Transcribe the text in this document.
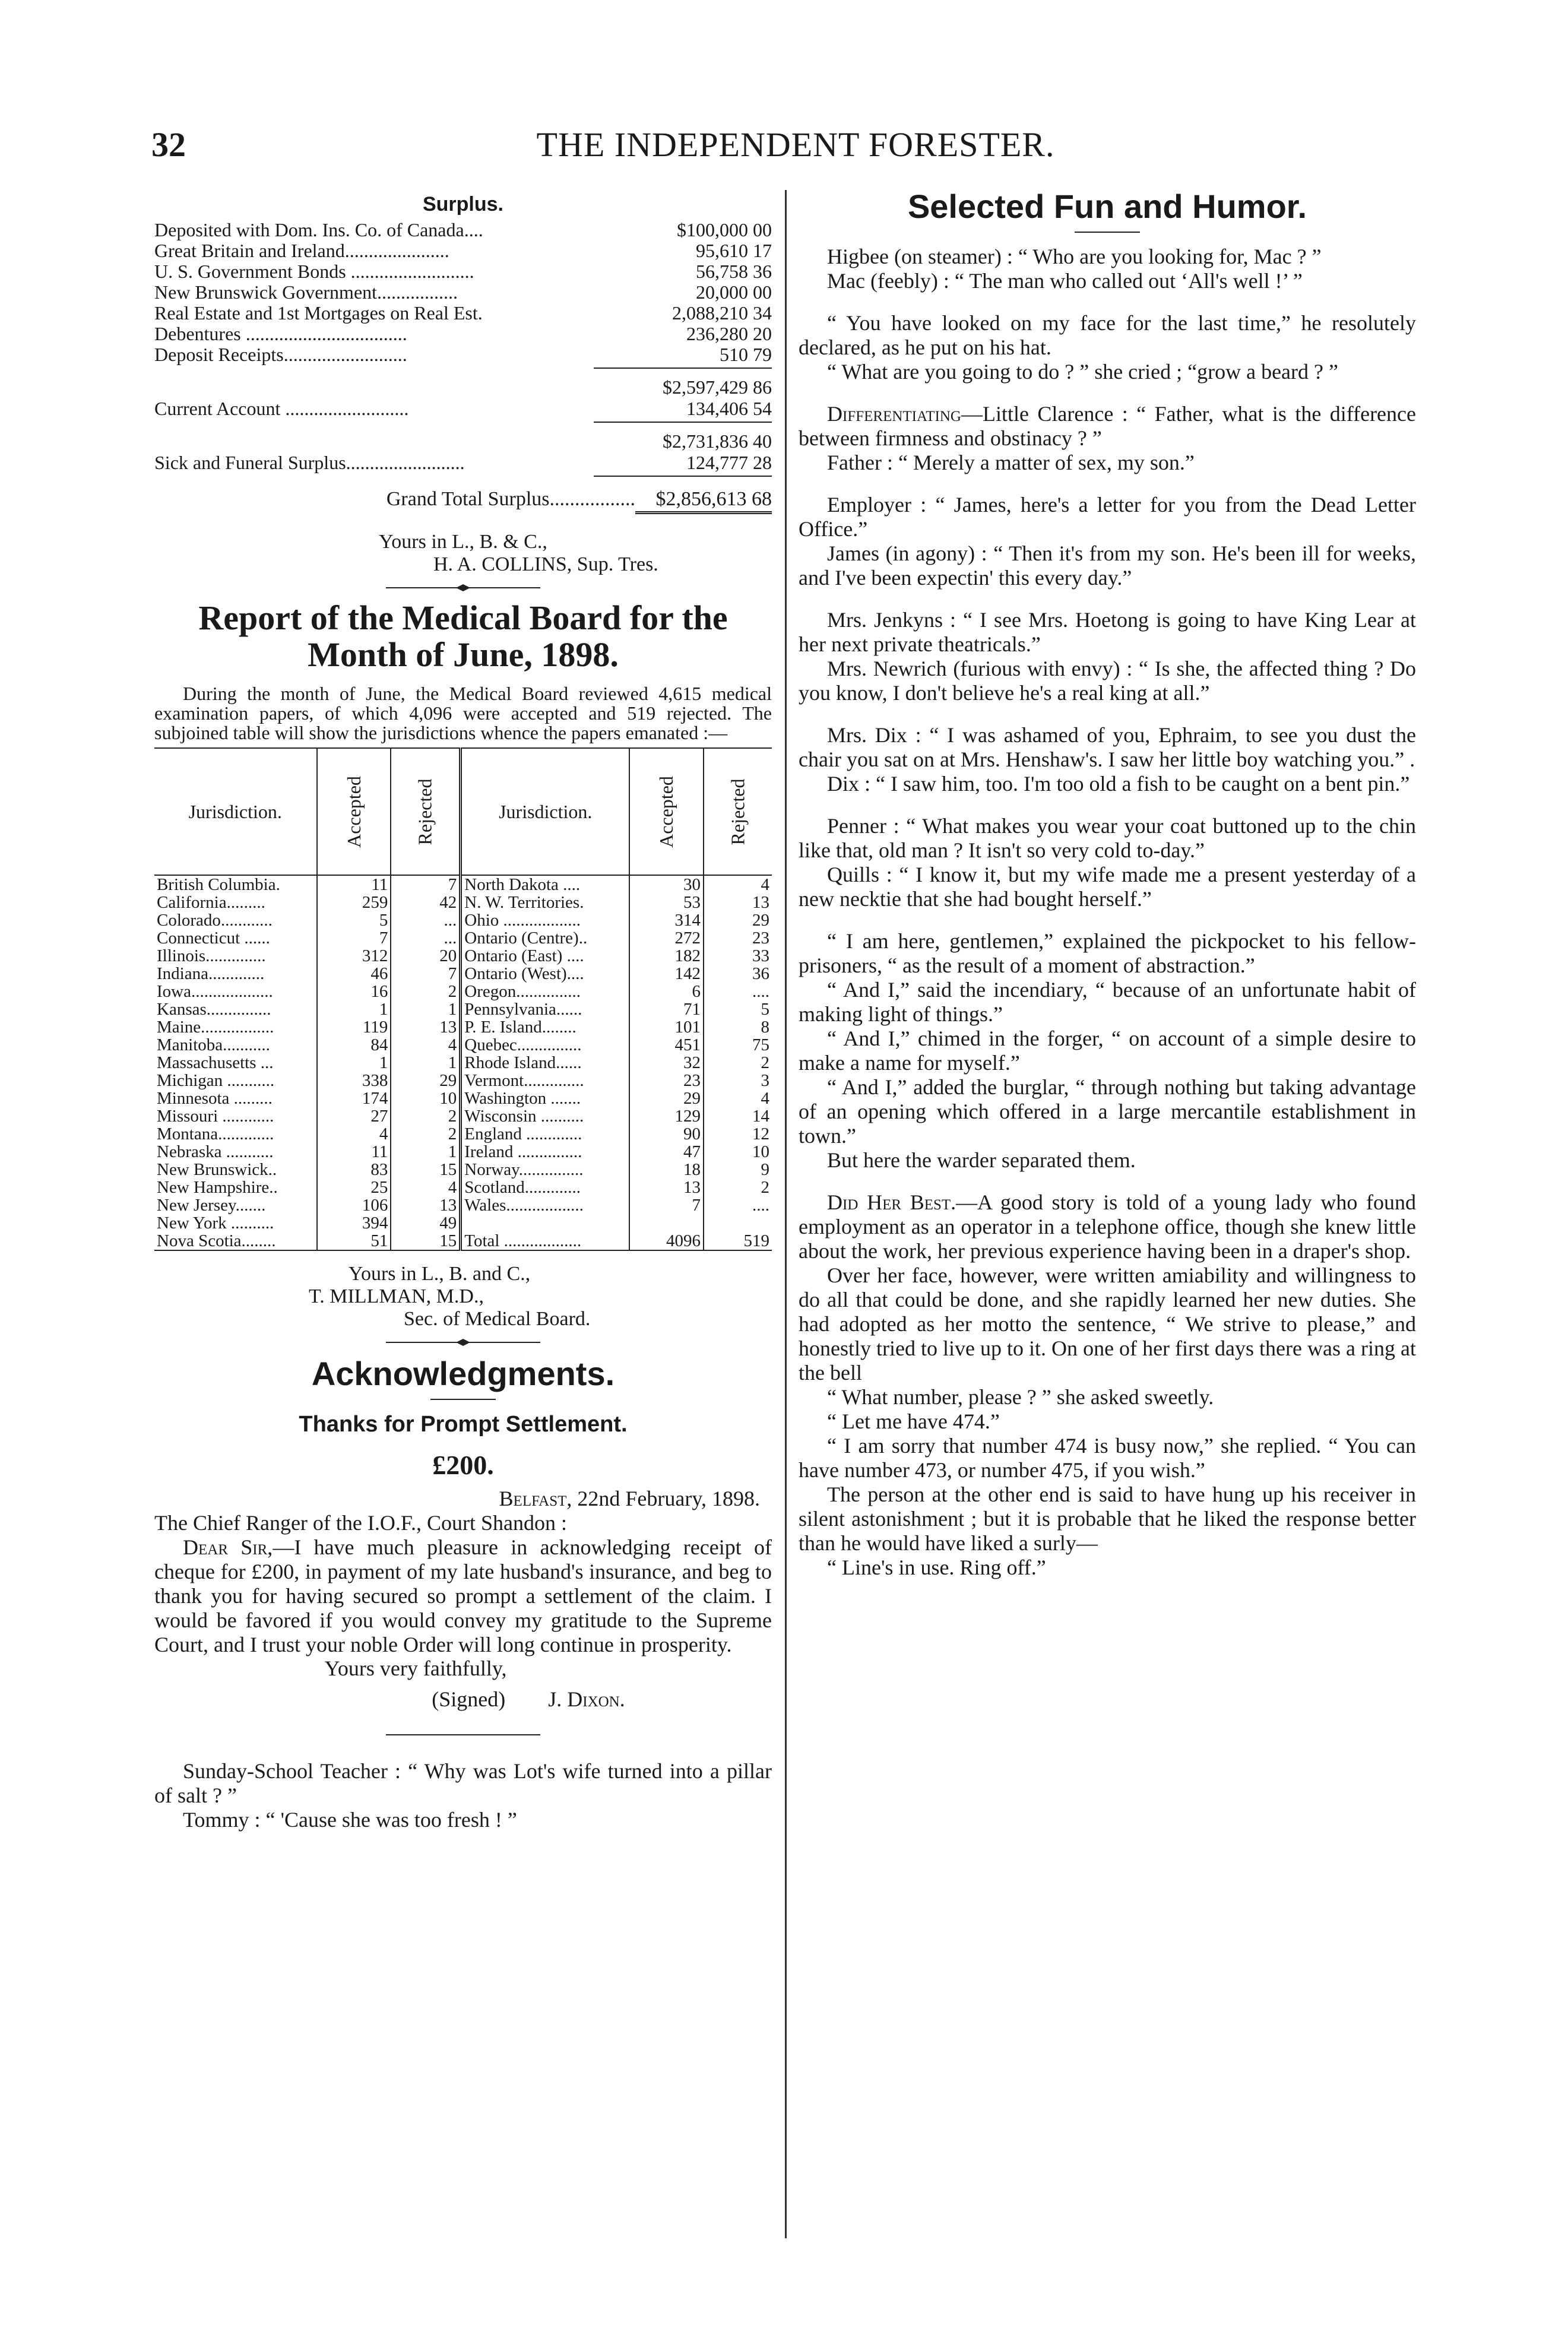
32	THE INDEPENDENT FORESTER.
Surplus.
Deposited with Dom. Ins. Co. of Canada....	$100,000 00
Great Britain and Ireland......................	95,610 17
U. S. Government Bonds ..........................	56,758 36
New Brunswick Government.................	20,000 00
Real Estate and 1st Mortgages on Real Est.	2,088,210 34
Debentures ..................................	236,280 20
Deposit Receipts..........................	510 79
$2,597,429 86
Current Account ..........................	134,406 54
$2,731,836 40
Sick and Funeral Surplus.........................	124,777 28
Grand Total Surplus.................	$2,856,613 68
Yours in L., B. & C.,
H. A. COLLINS, Sup. Tres.
Report of the Medical Board for the Month of June, 1898.

During the month of June, the Medical Board reviewed 4,615 medical examination papers, of which 4,096 were accepted and 519 rejected. The subjoined table will show the jurisdictions whence the papers emanated :—

Jurisdiction.	Accepted	Rejected	Jurisdiction.	Accepted	Rejected
British Columbia.	11	7	North Dakota ....	30	4
California.........	259	42	N. W. Territories.	53	13
Colorado............	5	...	Ohio ..................	314	29
Connecticut ......	7	...	Ontario (Centre)..	272	23
Illinois..............	312	20	Ontario (East) ....	182	33
Indiana.............	46	7	Ontario (West)....	142	36
Iowa...................	16	2	Oregon...............	6	....
Kansas...............	1	1	Pennsylvania......	71	5
Maine.................	119	13	P. E. Island........	101	8
Manitoba...........	84	4	Quebec...............	451	75
Massachusetts ...	1	1	Rhode Island......	32	2
Michigan ...........	338	29	Vermont..............	23	3
Minnesota .........	174	10	Washington .......	29	4
Missouri ............	27	2	Wisconsin ..........	129	14
Montana.............	4	2	England .............	90	12
Nebraska ...........	11	1	Ireland ...............	47	10
New Brunswick..	83	15	Norway...............	18	9
New Hampshire..	25	4	Scotland.............	13	2
New Jersey.......	106	13	Wales..................	7	....
New York ..........	394	49			
Nova Scotia........	51	15	Total ..................	4096	519
Yours in L., B. and C.,
T. MILLMAN, M.D.,
Sec. of Medical Board.
Acknowledgments.
Thanks for Prompt Settlement.
£200.

Belfast, 22nd February, 1898.

The Chief Ranger of the I.O.F., Court Shandon :

Dear Sir,—I have much pleasure in acknowledging receipt of cheque for £200, in payment of my late husband's insurance, and beg to thank you for having secured so prompt a settlement of the claim. I would be favored if you would convey my gratitude to the Supreme Court, and I trust your noble Order will long continue in prosperity.

Yours very faithfully,
(Signed) J. Dixon.

Sunday-School Teacher : “ Why was Lot's wife turned into a pillar of salt ? ”

Tommy : “ 'Cause she was too fresh ! ”

Selected Fun and Humor.

Higbee (on steamer) : “ Who are you looking for, Mac ? ”

Mac (feebly) : “ The man who called out ‘All's well !’ ”

“ You have looked on my face for the last time,” he resolutely declared, as he put on his hat.

“ What are you going to do ? ” she cried ; “grow a beard ? ”

Differentiating—Little Clarence : “ Father, what is the difference between firmness and obstinacy ? ”

Father : “ Merely a matter of sex, my son.”

Employer : “ James, here's a letter for you from the Dead Letter Office.”

James (in agony) : “ Then it's from my son. He's been ill for weeks, and I've been expectin' this every day.”

Mrs. Jenkyns : “ I see Mrs. Hoetong is going to have King Lear at her next private theatricals.”

Mrs. Newrich (furious with envy) : “ Is she, the affected thing ? Do you know, I don't believe he's a real king at all.”

Mrs. Dix : “ I was ashamed of you, Ephraim, to see you dust the chair you sat on at Mrs. Henshaw's. I saw her little boy watching you.” .

Dix : “ I saw him, too. I'm too old a fish to be caught on a bent pin.”

Penner : “ What makes you wear your coat buttoned up to the chin like that, old man ? It isn't so very cold to-day.”

Quills : “ I know it, but my wife made me a present yesterday of a new necktie that she had bought herself.”

“ I am here, gentlemen,” explained the pickpocket to his fellow-prisoners, “ as the result of a moment of abstraction.”

“ And I,” said the incendiary, “ because of an unfortunate habit of making light of things.”

“ And I,” chimed in the forger, “ on account of a simple desire to make a name for myself.”

“ And I,” added the burglar, “ through nothing but taking advantage of an opening which offered in a large mercantile establishment in town.”

But here the warder separated them.

Did Her Best.—A good story is told of a young lady who found employment as an operator in a telephone office, though she knew little about the work, her previous experience having been in a draper's shop.

Over her face, however, were written amiability and willingness to do all that could be done, and she rapidly learned her new duties. She had adopted as her motto the sentence, “ We strive to please,” and honestly tried to live up to it. On one of her first days there was a ring at the bell

“ What number, please ? ” she asked sweetly.

“ Let me have 474.”

“ I am sorry that number 474 is busy now,” she replied. “ You can have number 473, or number 475, if you wish.”

The person at the other end is said to have hung up his receiver in silent astonishment ; but it is probable that he liked the response better than he would have liked a surly—

“ Line's in use. Ring off.”
